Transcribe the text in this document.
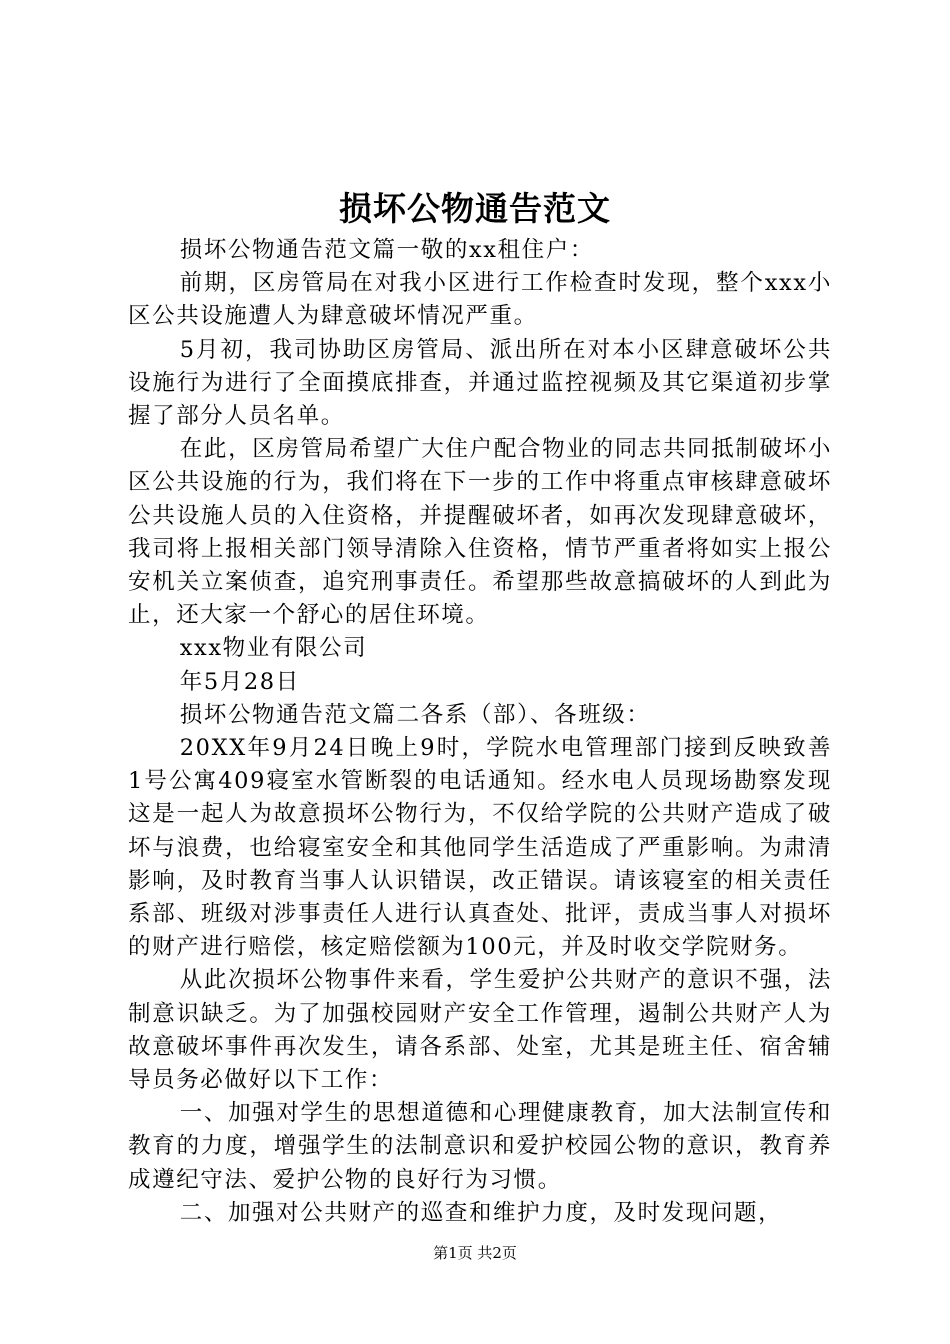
损坏公物通告范文

损坏公物通告范文篇一敬的xx租住户：

前期，区房管局在对我小区进行工作检查时发现，整个xxx小区公共设施遭人为肆意破坏情况严重。

5月初，我司协助区房管局、派出所在对本小区肆意破坏公共设施行为进行了全面摸底排查，并通过监控视频及其它渠道初步掌握了部分人员名单。

在此，区房管局希望广大住户配合物业的同志共同抵制破坏小区公共设施的行为，我们将在下一步的工作中将重点审核肆意破坏公共设施人员的入住资格，并提醒破坏者，如再次发现肆意破坏，我司将上报相关部门领导清除入住资格，情节严重者将如实上报公安机关立案侦查，追究刑事责任。希望那些故意搞破坏的人到此为止，还大家一个舒心的居住环境。

xxx物业有限公司

年5月28日

损坏公物通告范文篇二各系（部）、各班级：

20XX年9月24日晚上9时，学院水电管理部门接到反映致善1号公寓409寝室水管断裂的电话通知。经水电人员现场勘察发现这是一起人为故意损坏公物行为，不仅给学院的公共财产造成了破坏与浪费，也给寝室安全和其他同学生活造成了严重影响。为肃清影响，及时教育当事人认识错误，改正错误。请该寝室的相关责任系部、班级对涉事责任人进行认真查处、批评，责成当事人对损坏的财产进行赔偿，核定赔偿额为100元，并及时收交学院财务。

从此次损坏公物事件来看，学生爱护公共财产的意识不强，法制意识缺乏。为了加强校园财产安全工作管理，遏制公共财产人为故意破坏事件再次发生，请各系部、处室，尤其是班主任、宿舍辅导员务必做好以下工作：

一、加强对学生的思想道德和心理健康教育，加大法制宣传和教育的力度，增强学生的法制意识和爱护校园公物的意识，教育养成遵纪守法、爱护公物的良好行为习惯。

二、加强对公共财产的巡查和维护力度，及时发现问题，

第1页 共2页
